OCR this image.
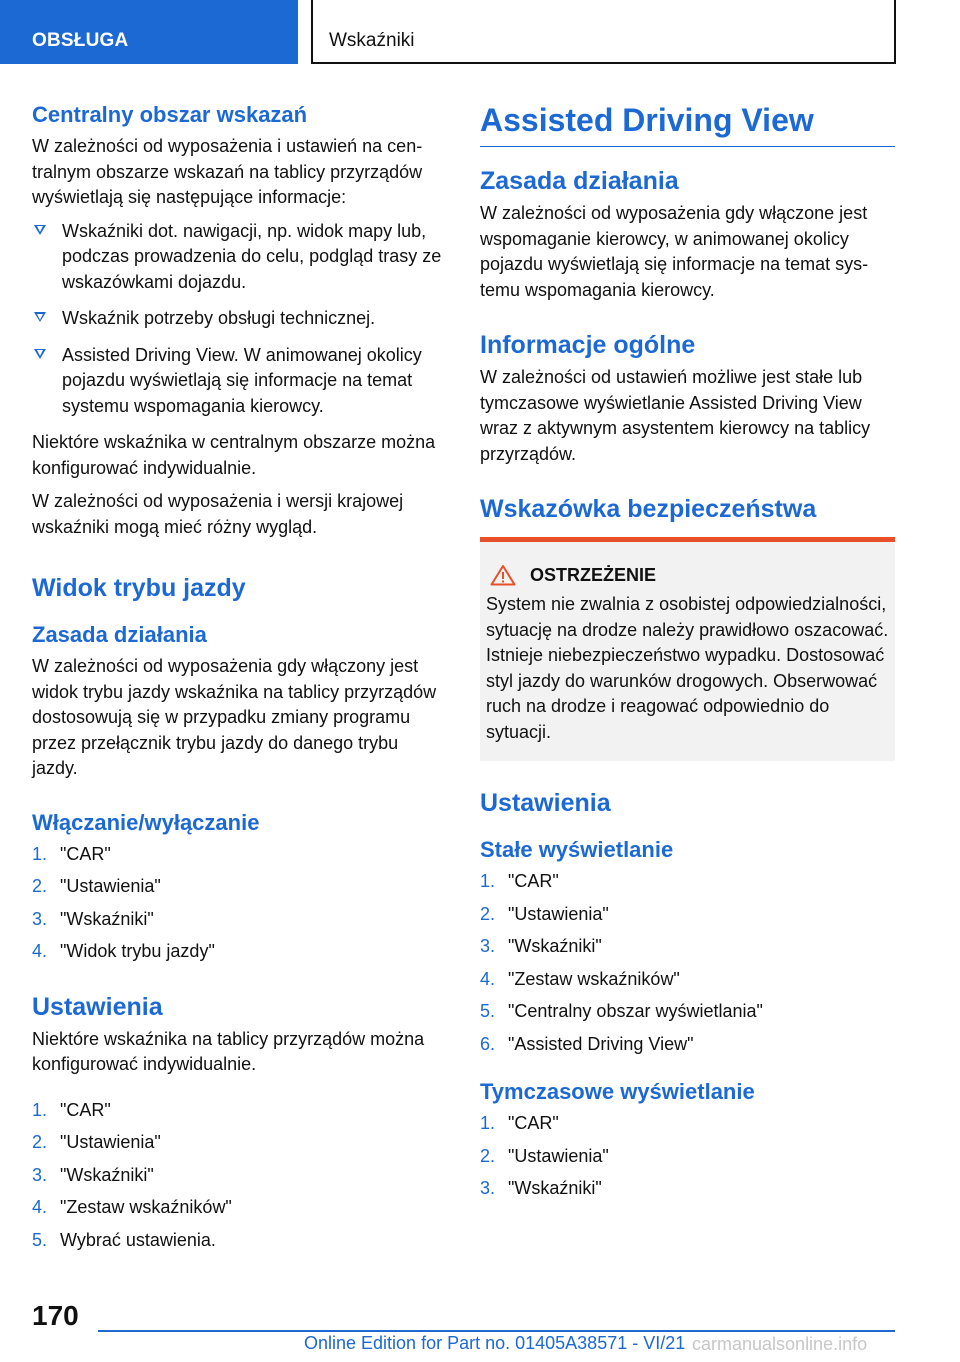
OBSŁUGA	Wskaźniki
Centralny obszar wskazań
W zależności od wyposażenia i ustawień na centralnym obszarze wskazań na tablicy przyrządów wyświetlają się następujące informacje:
Wskaźniki dot. nawigacji, np. widok mapy lub, podczas prowadzenia do celu, podgląd trasy ze wskazówkami dojazdu.
Wskaźnik potrzeby obsługi technicznej.
Assisted Driving View. W animowanej okolicy pojazdu wyświetlają się informacje na temat systemu wspomagania kierowcy.
Niektóre wskaźnika w centralnym obszarze można konfigurować indywidualnie.
W zależności od wyposażenia i wersji krajowej wskaźniki mogą mieć różny wygląd.
Widok trybu jazdy
Zasada działania
W zależności od wyposażenia gdy włączony jest widok trybu jazdy wskaźnika na tablicy przyrządów dostosowują się w przypadku zmiany programu przez przełącznik trybu jazdy do danego trybu jazdy.
Włączanie/wyłączanie
1. "CAR"
2. "Ustawienia"
3. "Wskaźniki"
4. "Widok trybu jazdy"
Ustawienia
Niektóre wskaźnika na tablicy przyrządów można konfigurować indywidualnie.
1. "CAR"
2. "Ustawienia"
3. "Wskaźniki"
4. "Zestaw wskaźników"
5. Wybrać ustawienia.
Assisted Driving View
Zasada działania
W zależności od wyposażenia gdy włączone jest wspomaganie kierowcy, w animowanej okolicy pojazdu wyświetlają się informacje na temat systemu wspomagania kierowcy.
Informacje ogólne
W zależności od ustawień możliwe jest stałe lub tymczasowe wyświetlanie Assisted Driving View wraz z aktywnym asystentem kierowcy na tablicy przyrządów.
Wskazówka bezpieczeństwa
OSTRZEŻENIE
System nie zwalnia z osobistej odpowiedzialności, sytuację na drodze należy prawidłowo oszacować. Istnieje niebezpieczeństwo wypadku. Dostosować styl jazdy do warunków drogowych. Obserwować ruch na drodze i reagować odpowiednio do sytuacji.
Ustawienia
Stałe wyświetlanie
1. "CAR"
2. "Ustawienia"
3. "Wskaźniki"
4. "Zestaw wskaźników"
5. "Centralny obszar wyświetlania"
6. "Assisted Driving View"
Tymczasowe wyświetlanie
1. "CAR"
2. "Ustawienia"
3. "Wskaźniki"
170
Online Edition for Part no. 01405A38571 - VI/21 carmanualsonline.info
